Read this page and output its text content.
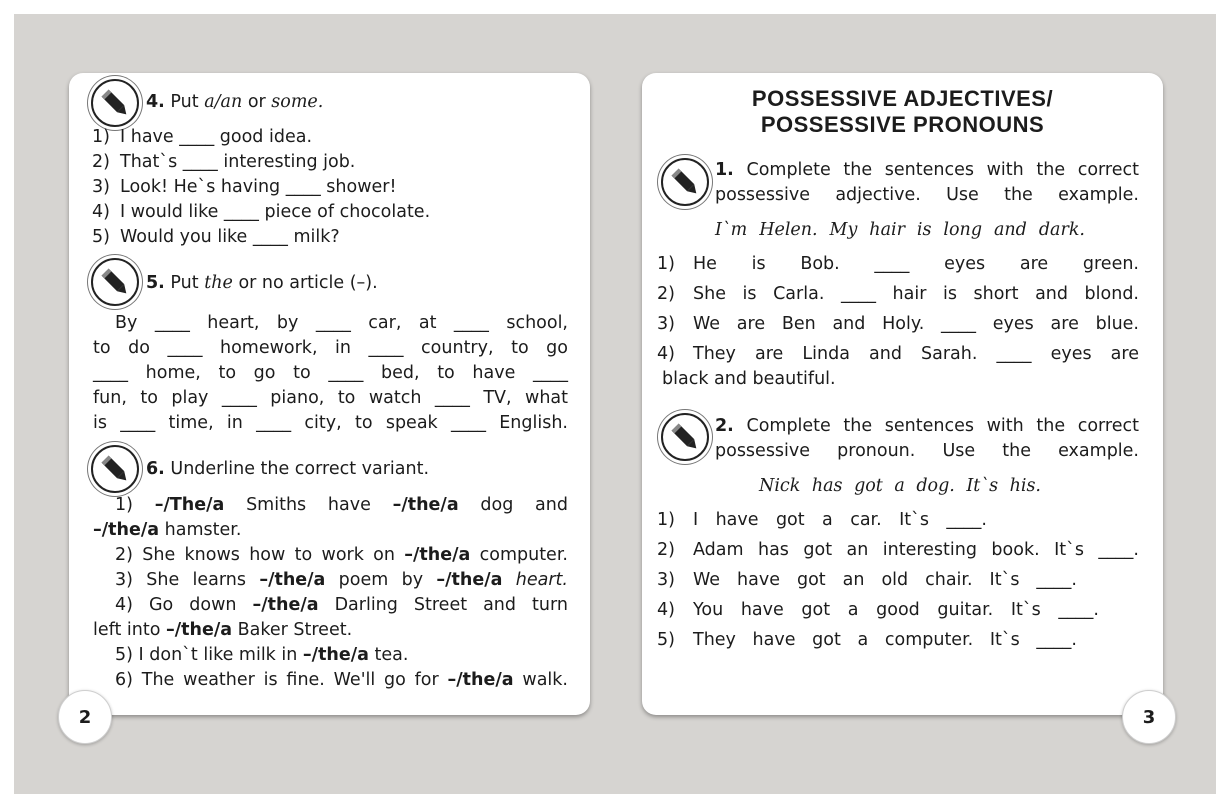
4. Put a/an or some.
1) I have ____ good idea.
2) That`s ____ interesting job.
3) Look! He`s having ____ shower!
4) I would like ____ piece of chocolate.
5) Would you like ____ milk?
5. Put the or no article (–).
By ____ heart, by ____ car, at ____ school,
to do ____ homework, in ____ country, to go
____ home, to go to ____ bed, to have ____
fun, to play ____ piano, to watch ____ TV, what
is ____ time, in ____ city, to speak ____ English.
6. Underline the correct variant.
1) –/The/a Smiths have –/the/a dog and
–/the/a hamster.
2) She knows how to work on –/the/a computer.
3) She learns –/the/a poem by –/the/a heart.
4) Go down –/the/a Darling Street and turn
left into –/the/a Baker Street.
5) I don`t like milk in –/the/a tea.
6) The weather is fine. We'll go for –/the/a walk.
2
POSSESSIVE ADJECTIVES/
POSSESSIVE PRONOUNS
1. Complete the sentences with the correct
possessive adjective. Use the example.
I`m Helen. My hair is long and dark.
1) He is Bob. ____ eyes are green.
2) She is Carla. ____ hair is short and blond.
3) We are Ben and Holy. ____ eyes are blue.
4) They are Linda and Sarah. ____ eyes are
black and beautiful.
2. Complete the sentences with the correct
possessive pronoun. Use the example.
Nick has got a dog. It`s his.
1) I have got a car. It`s ____.
2) Adam has got an interesting book. It`s ____.
3) We have got an old chair. It`s ____.
4) You have got a good guitar. It`s ____.
5) They have got a computer. It`s ____.
3
